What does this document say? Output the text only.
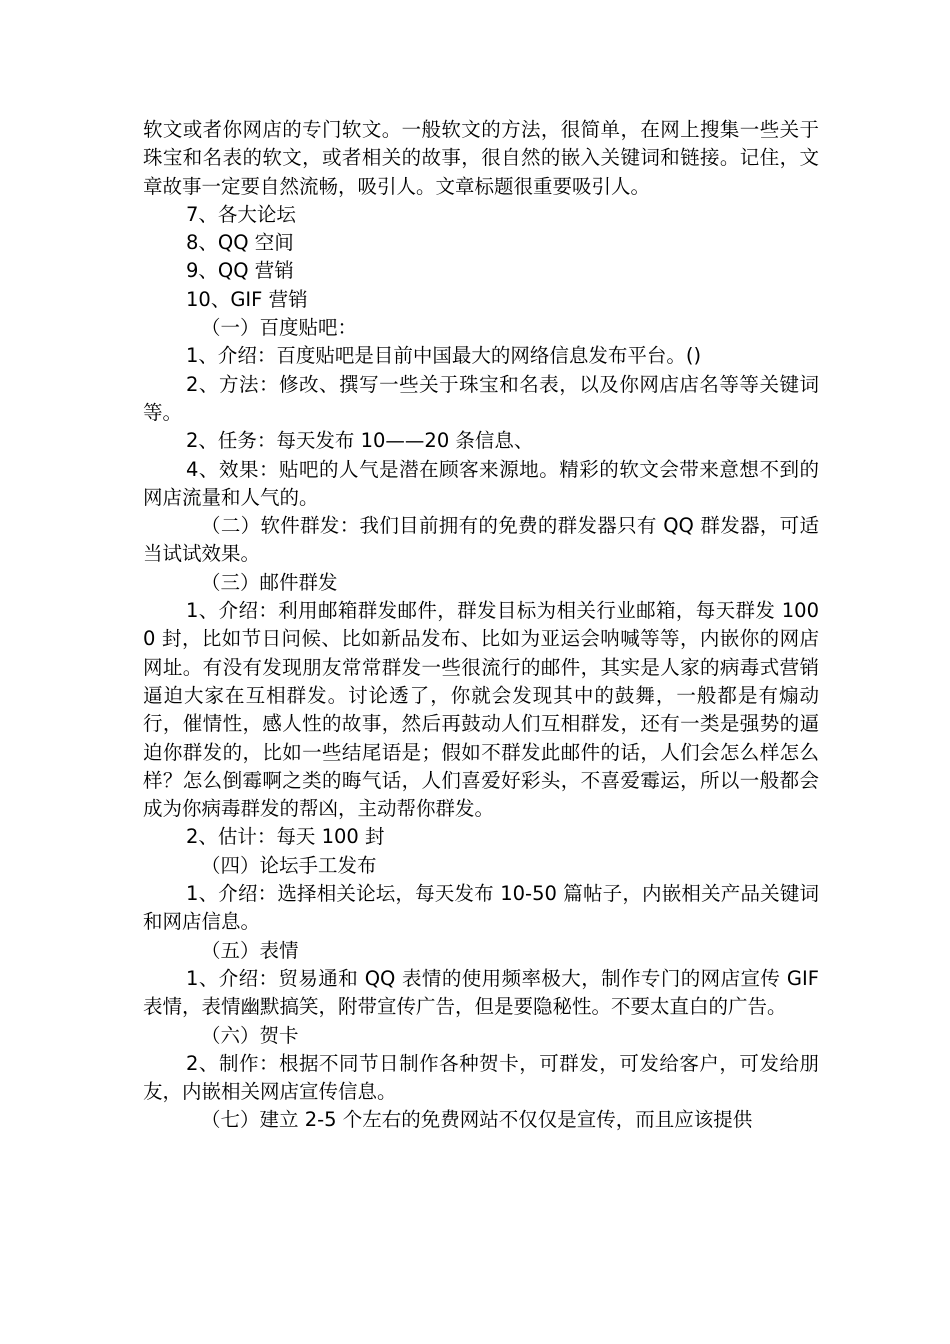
软文或者你网店的专门软文。一般软文的方法，很简单，在网上搜集一些关于珠宝和名表的软文，或者相关的故事，很自然的嵌入关键词和链接。记住，文章故事一定要自然流畅，吸引人。文章标题很重要吸引人。

7、各大论坛

8、QQ 空间

9、QQ 营销

10、GIF 营销

（一）百度贴吧：

1、介绍：百度贴吧是目前中国最大的网络信息发布平台。()

2、方法：修改、撰写一些关于珠宝和名表，以及你网店店名等等关键词等。

2、任务：每天发布 10——20 条信息、

4、效果：贴吧的人气是潜在顾客来源地。精彩的软文会带来意想不到的网店流量和人气的。

（二）软件群发：我们目前拥有的免费的群发器只有 QQ 群发器，可适当试试效果。

（三）邮件群发

1、介绍：利用邮箱群发邮件，群发目标为相关行业邮箱，每天群发 1000 封，比如节日问候、比如新品发布、比如为亚运会呐喊等等，内嵌你的网店网址。有没有发现朋友常常群发一些很流行的邮件，其实是人家的病毒式营销逼迫大家在互相群发。讨论透了，你就会发现其中的鼓舞，一般都是有煽动行，催情性，感人性的故事，然后再鼓动人们互相群发，还有一类是强势的逼迫你群发的，比如一些结尾语是；假如不群发此邮件的话，人们会怎么样怎么样？怎么倒霉啊之类的晦气话，人们喜爱好彩头，不喜爱霉运，所以一般都会成为你病毒群发的帮凶，主动帮你群发。

2、估计：每天 100 封

（四）论坛手工发布

1、介绍：选择相关论坛，每天发布 10-50 篇帖子，内嵌相关产品关键词和网店信息。

（五）表情

1、介绍：贸易通和 QQ 表情的使用频率极大，制作专门的网店宣传 GIF 表情，表情幽默搞笑，附带宣传广告，但是要隐秘性。不要太直白的广告。

（六）贺卡

2、制作：根据不同节日制作各种贺卡，可群发，可发给客户，可发给朋友，内嵌相关网店宣传信息。

（七）建立 2-5 个左右的免费网站不仅仅是宣传，而且应该提供
